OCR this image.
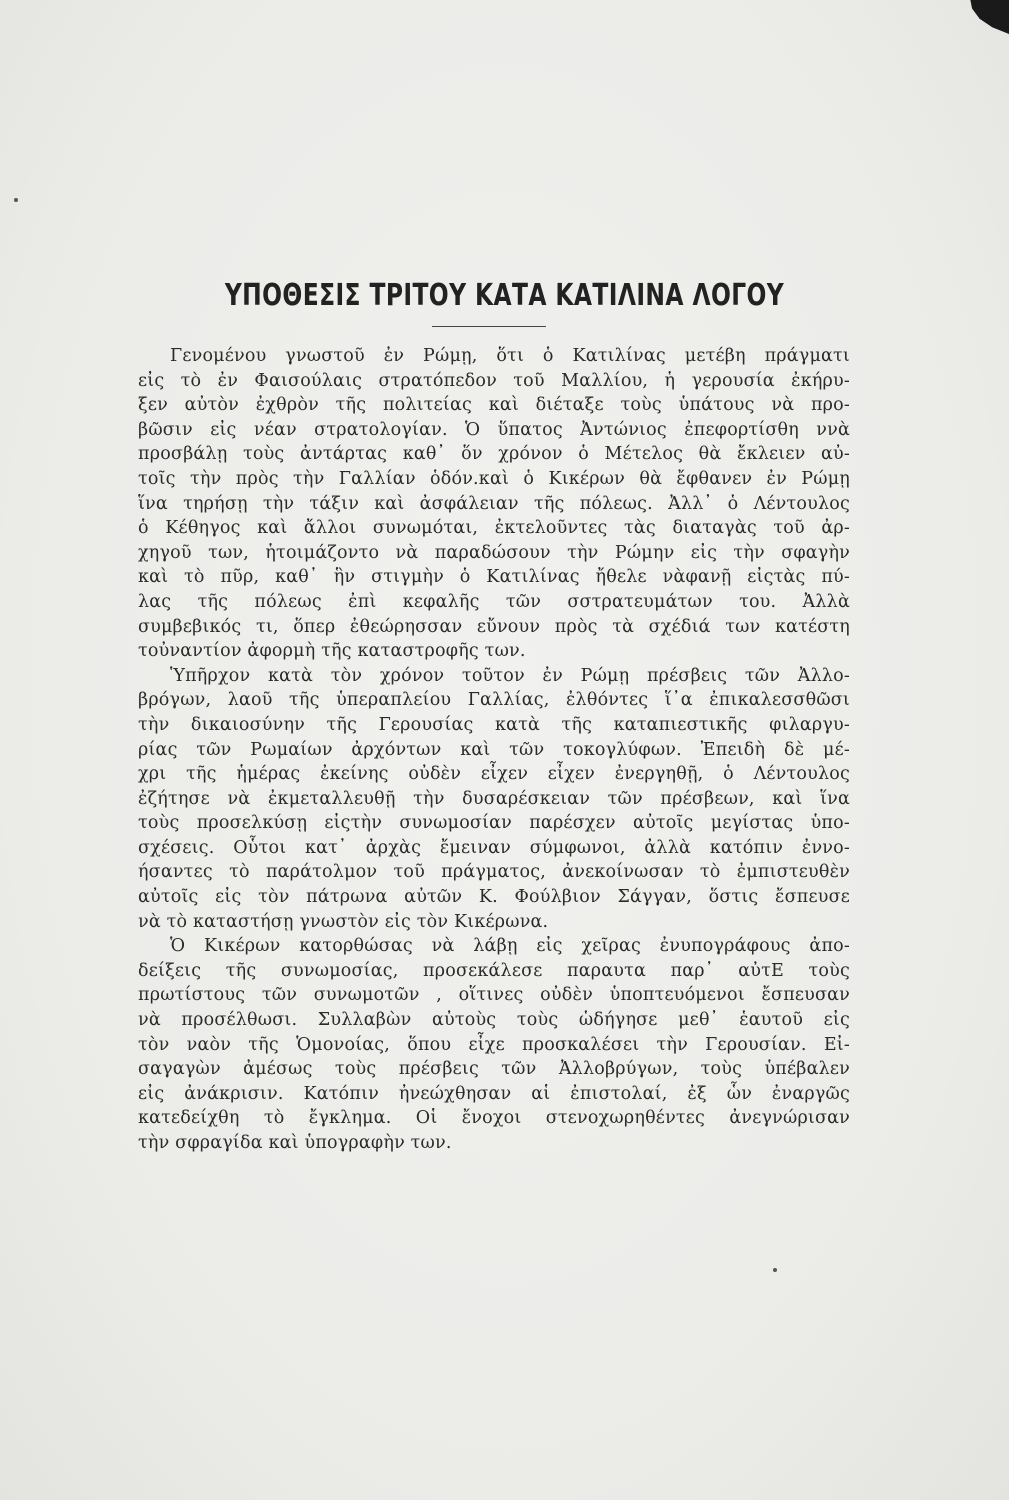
ΥΠΟΘΕΣΙΣ ΤΡΙΤΟΥ ΚΑΤΑ ΚΑΤΙΛΙΝΑ ΛΟΓΟΥ
Γενομένου γνωστοῦ ἐν Ρώμῃ, ὅτι ὁ Κατιλίνας μετέβη πράγματι
εἰς τὸ ἐν Φαισούλαις στρατόπεδον τοῦ Μαλλίου, ἡ γερουσία ἐκήρυ-
ξεν αὐτὸν ἐχθρὸν τῆς πολιτείας καὶ διέταξε τοὺς ὑπάτους νὰ προ-
βῶσιν εἰς νέαν στρατολογίαν. Ὁ ὕπατος Ἀντώνιος ἐπεφορτίσθη ννὰ
προσβάλῃ τοὺς ἀντάρτας καθ᾽ ὅν χρόνον ὁ Μέτελος θὰ ἔκλειεν αὐ-
τοῖς τὴν πρὸς τὴν Γαλλίαν ὁδόν.καὶ ὁ Κικέρων θὰ ἔφθανεν ἐν Ρώμῃ
ἵνα τηρήσῃ τὴν τάξιν καὶ ἀσφάλειαν τῆς πόλεως. Ἀλλ᾽ ὁ Λέντουλος
ὁ Κέθηγος καὶ ἄλλοι συνωμόται, ἐκτελοῦντες τὰς διαταγὰς τοῦ ἀρ-
χηγοῦ των, ἡτοιμάζοντο νὰ παραδώσουν τὴν Ρώμην εἰς τὴν σφαγὴν
καὶ τὸ πῦρ, καθ᾽ ἣν στιγμὴν ὁ Κατιλίνας ἤθελε νὰφανῇ εἰςτὰς πύ-
λας τῆς πόλεως ἐπὶ κεφαλῆς τῶν σστρατευμάτων του. Ἀλλὰ
συμβεβικός τι, ὅπερ ἐθεώρησσαν εὔνουν πρὸς τὰ σχέδιά των κατέστη
τοὐναντίον ἀφορμὴ τῆς καταστροφῆς των.
Ὑπῆρχον κατὰ τὸν χρόνον τοῦτον ἐν Ρώμῃ πρέσβεις τῶν Ἀλλο-
βρόγων, λαοῦ τῆς ὑπεραπλείου Γαλλίας, ἐλθόντες ἵ᾽α ἐπικαλεσσθῶσι
τὴν δικαιοσύνην τῆς Γερουσίας κατὰ τῆς καταπιεστικῆς φιλαργυ-
ρίας τῶν Ρωμαίων ἀρχόντων καὶ τῶν τοκογλύφων. Ἐπειδὴ δὲ μέ-
χρι τῆς ἡμέρας ἐκείνης οὐδὲν εἶχεν εἶχεν ἐνεργηθῇ, ὁ Λέντουλος
ἐζήτησε νὰ ἐκμεταλλευθῇ τὴν δυσαρέσκειαν τῶν πρέσβεων, καὶ ἵνα
τοὺς προσελκύσῃ εἰςτὴν συνωμοσίαν παρέσχεν αὐτοῖς μεγίστας ὑπο-
σχέσεις. Οὗτοι κατ᾽ ἀρχὰς ἔμειναν σύμφωνοι, ἀλλὰ κατόπιν ἐννο-
ήσαντες τὸ παράτολμον τοῦ πράγματος, ἀνεκοίνωσαν τὸ ἐμπιστευθὲν
αὐτοῖς εἰς τὸν πάτρωνα αὐτῶν Κ. Φούλβιον Σάγγαν, ὅστις ἔσπευσε
νὰ τὸ καταστήσῃ γνωστὸν εἰς τὸν Κικέρωνα.
Ὁ Κικέρων κατορθώσας νὰ λάβῃ εἰς χεῖρας ἐνυπογράφους ἀπο-
δείξεις τῆς συνωμοσίας, προσεκάλεσε παραυτα παρ᾽ αὐτΕ τοὺς
πρωτίστους τῶν συνωμοτῶν , οἵτινες οὐδὲν ὑποπτευόμενοι ἔσπευσαν
νὰ προσέλθωσι. Συλλαβὼν αὐτοὺς τοὺς ὡδήγησε μεθ᾽ ἑαυτοῦ εἰς
τὸν ναὸν τῆς Ὁμονοίας, ὅπου εἶχε προσκαλέσει τὴν Γερουσίαν. Εἰ-
σαγαγὼν ἀμέσως τοὺς πρέσβεις τῶν Ἀλλοβρύγων, τοὺς ὑπέβαλεν
εἰς ἀνάκρισιν. Κατόπιν ἠνεώχθησαν αἱ ἐπιστολαί, ἐξ ὧν ἐναργῶς
κατεδείχθη τὸ ἔγκλημα. Οἱ ἔνοχοι στενοχωρηθέντες ἀνεγνώρισαν
τὴν σφραγίδα καὶ ὑπογραφὴν των.
